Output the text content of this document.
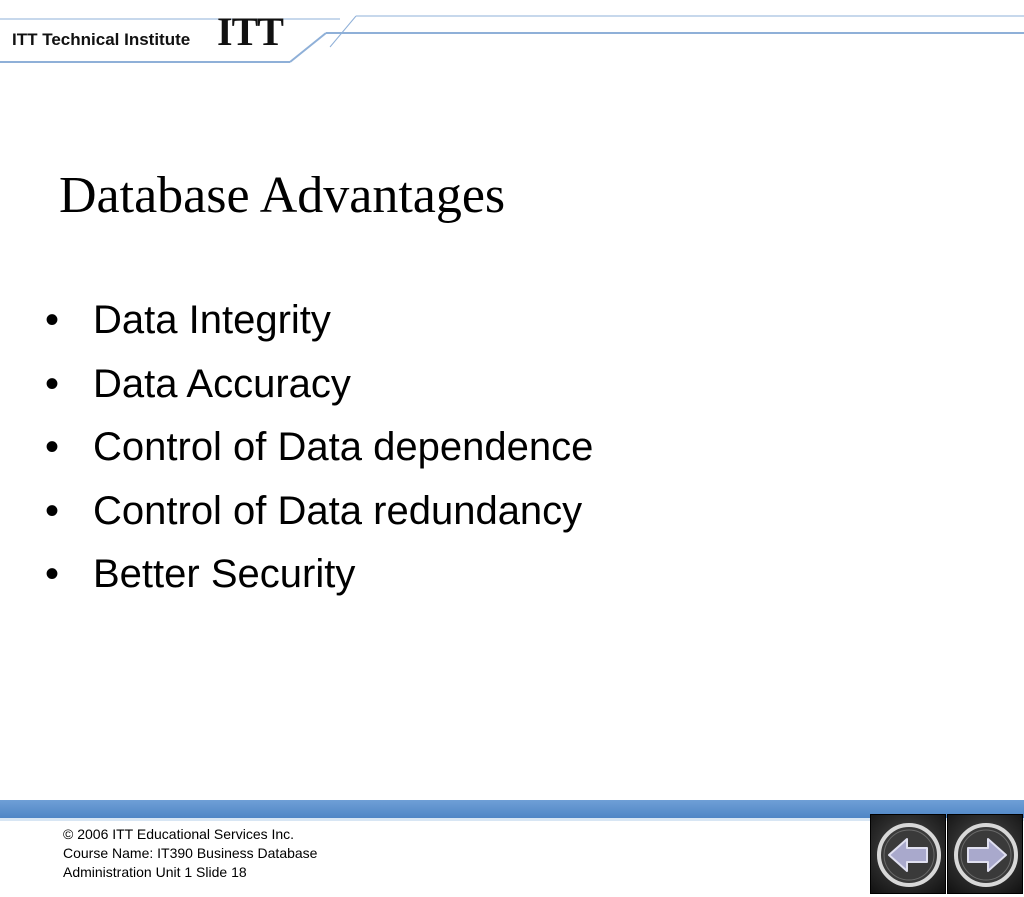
ITT Technical Institute ITT
Database Advantages
• Data Integrity
• Data Accuracy
• Control of Data dependence
• Control of Data redundancy
• Better Security
© 2006 ITT Educational Services Inc.
Course Name: IT390 Business Database
Administration Unit 1 Slide 18
